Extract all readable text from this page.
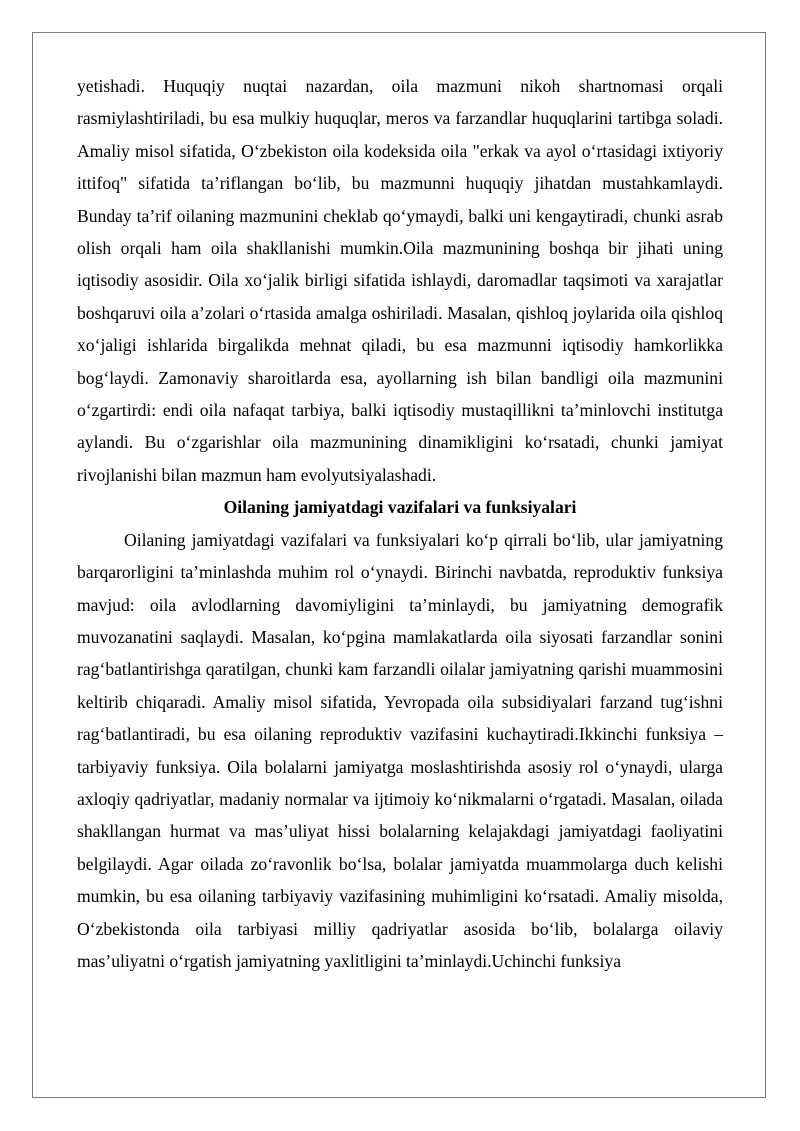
yetishadi. Huquqiy nuqtai nazardan, oila mazmuni nikoh shartnomasi orqali rasmiylashtiriladi, bu esa mulkiy huquqlar, meros va farzandlar huquqlarini tartibga soladi. Amaliy misol sifatida, O‘zbekiston oila kodeksida oila "erkak va ayol o‘rtasidagi ixtiyoriy ittifoq" sifatida ta’riflangan bo‘lib, bu mazmunni huquqiy jihatdan mustahkamlaydi. Bunday ta’rif oilaning mazmunini cheklab qo‘ymaydi, balki uni kengaytiradi, chunki asrab olish orqali ham oila shakllanishi mumkin.Oila mazmunining boshqa bir jihati uning iqtisodiy asosidir. Oila xo‘jalik birligi sifatida ishlaydi, daromadlar taqsimoti va xarajatlar boshqaruvi oila a’zolari o‘rtasida amalga oshiriladi. Masalan, qishloq joylarida oila qishloq xo‘jaligi ishlarida birgalikda mehnat qiladi, bu esa mazmunni iqtisodiy hamkorlikka bog‘laydi. Zamonaviy sharoitlarda esa, ayollarning ish bilan bandligi oila mazmunini o‘zgartirdi: endi oila nafaqat tarbiya, balki iqtisodiy mustaqillikni ta’minlovchi institutga aylandi. Bu o‘zgarishlar oila mazmunining dinamikligini ko‘rsatadi, chunki jamiyat rivojlanishi bilan mazmun ham evolyutsiyalashadi.

Oilaning jamiyatdagi vazifalari va funksiyalari

Oilaning jamiyatdagi vazifalari va funksiyalari ko‘p qirrali bo‘lib, ular jamiyatning barqarorligini ta’minlashda muhim rol o‘ynaydi. Birinchi navbatda, reproduktiv funksiya mavjud: oila avlodlarning davomiyligini ta’minlaydi, bu jamiyatning demografik muvozanatini saqlaydi. Masalan, ko‘pgina mamlakatlarda oila siyosati farzandlar sonini rag‘batlantirishga qaratilgan, chunki kam farzandli oilalar jamiyatning qarishi muammosini keltirib chiqaradi. Amaliy misol sifatida, Yevropada oila subsidiyalari farzand tug‘ishni rag‘batlantiradi, bu esa oilaning reproduktiv vazifasini kuchaytiradi.Ikkinchi funksiya – tarbiyaviy funksiya. Oila bolalarni jamiyatga moslashtirishda asosiy rol o‘ynaydi, ularga axloqiy qadriyatlar, madaniy normalar va ijtimoiy ko‘nikmalarni o‘rgatadi. Masalan, oilada shakllangan hurmat va mas’uliyat hissi bolalarning kelajakdagi jamiyatdagi faoliyatini belgilaydi. Agar oilada zo‘ravonlik bo‘lsa, bolalar jamiyatda muammolarga duch kelishi mumkin, bu esa oilaning tarbiyaviy vazifasining muhimligini ko‘rsatadi. Amaliy misolda, O‘zbekistonda oila tarbiyasi milliy qadriyatlar asosida bo‘lib, bolalarga oilaviy mas’uliyatni o‘rgatish jamiyatning yaxlitligini ta’minlaydi.Uchinchi funksiya
